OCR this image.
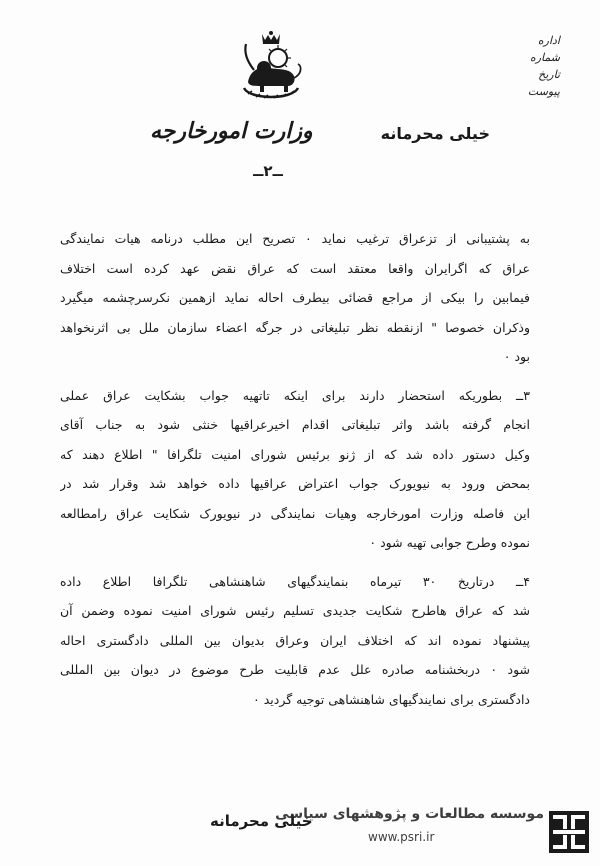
اداره
شماره
تاریخ
پیوست
خیلی محرمانه
وزارت امورخارجه
ــ۲ــ
به پشتیبانی از تزعراق ترغیب نماید ۰ تصریح این مطلب درنامه هیات نمایندگی
عراق که اگرایران واقعا معتقد است که عراق نقض عهد کرده است اختلاف
فیمابین را بیکی از مراجع قضائی بیطرف احاله نماید ازهمین نکرسرچشمه میگیرد
وذکران خصوصا " ازنقطه نظر تبلیغاتی در جرگه اعضاء سازمان ملل بی اثرنخواهد
بود ۰
۳ــ بطوریکه استحضار دارند برای اینکه تاتهیه جواب بشکایت عراق عملی
انجام گرفته باشد واثر تبلیغاتی اقدام اخیرعراقیها خنثی شود به جناب آقای
وکیل دستور داده شد که از ژنو برئیس شورای امنیت تلگرافا " اطلاع دهند که
بمحض ورود به نیویورک جواب اعتراض عراقیها داده خواهد شد وقرار شد در
این فاصله وزارت امورخارجه وهیات نمایندگی در نیویورک شکایت عراق رامطالعه
نموده وطرح جوابی تهیه شود ۰
۴ــ درتاریخ ۳۰ تیرماه بنمایندگیهای شاهنشاهی تلگرافا اطلاع داده
شد که عراق هاطرح شکایت جدیدی تسلیم رئیس شورای امنیت نموده وضمن آن
پیشنهاد نموده اند که اختلاف ایران وعراق بدیوان بین المللی دادگستری احاله
شود ۰ دربخشنامه صادره علل عدم قابلیت طرح موضوع در دیوان بین المللی
دادگستری برای نمایندگیهای شاهنشاهی توجیه گردید ۰
خیلی محرمانه
موسسه مطالعات و پژوهشهای سیاسی
www.psri.ir
